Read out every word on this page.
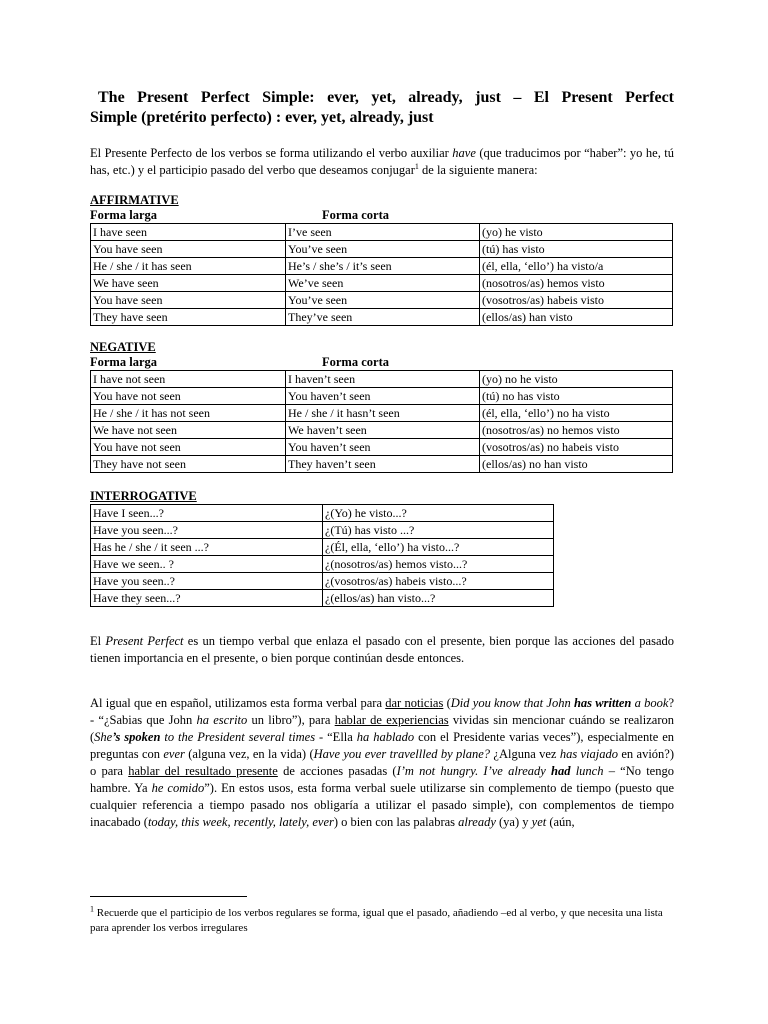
The Present Perfect Simple: ever, yet, already, just – El Present Perfect
Simple (pretérito perfecto) : ever, yet, already, just

El Presente Perfecto de los verbos se forma utilizando el verbo auxiliar have (que traducimos por “haber”: yo he, tú has, etc.) y el participio pasado del verbo que deseamos conjugar$^1$ de la siguiente manera:

AFFIRMATIVE
Forma larga	Forma corta
I have seen	I’ve seen	(yo) he visto
You have seen	You’ve seen	(tú) has visto
He / she / it has seen	He’s / she’s / it’s seen	(él, ella, ‘ello’) ha visto/a
We have seen	We’ve seen	(nosotros/as) hemos visto
You have seen	You’ve seen	(vosotros/as) habeis visto
They have seen	They’ve seen	(ellos/as) han visto
NEGATIVE
Forma larga	Forma corta
I have not seen	I haven’t seen	(yo) no he visto
You have not seen	You haven’t seen	(tú) no has visto
He / she / it has not seen	He / she / it hasn’t seen	(él, ella, ‘ello’) no ha visto
We have not seen	We haven’t seen	(nosotros/as) no hemos visto
You have not seen	You haven’t seen	(vosotros/as) no habeis visto
They have not seen	They haven’t seen	(ellos/as) no han visto
INTERROGATIVE
Have I seen...?	¿(Yo) he visto...?
Have you seen...?	¿(Tú) has visto ...?
Has he / she / it seen ...?	¿(Él, ella, ‘ello’) ha visto...?
Have we seen.. ?	¿(nosotros/as) hemos visto...?
Have you seen..?	¿(vosotros/as) habeis visto...?
Have they seen...?	¿(ellos/as) han visto...?

El Present Perfect es un tiempo verbal que enlaza el pasado con el presente, bien porque las acciones del pasado tienen importancia en el presente, o bien porque continúan desde entonces.

Al igual que en español, utilizamos esta forma verbal para dar noticias (Did you know that John has written a book? - “¿Sabias que John ha escrito un libro”), para hablar de experiencias vividas sin mencionar cuándo se realizaron (She’s spoken to the President several times - “Ella ha hablado con el Presidente varias veces”), especialmente en preguntas con ever (alguna vez, en la vida) (Have you ever travellled by plane? ¿Alguna vez has viajado en avión?) o para hablar del resultado presente de acciones pasadas (I’m not hungry. I’ve already had lunch – “No tengo hambre. Ya he comido”). En estos usos, esta forma verbal suele utilizarse sin complemento de tiempo (puesto que cualquier referencia a tiempo pasado nos obligaría a utilizar el pasado simple), con complementos de tiempo inacabado (today, this week, recently, lately, ever) o bien con las palabras already (ya) y yet (aún,

$^1$ Recuerde que el participio de los verbos regulares se forma, igual que el pasado, añadiendo –ed al verbo, y que necesita una lista para aprender los verbos irregulares
